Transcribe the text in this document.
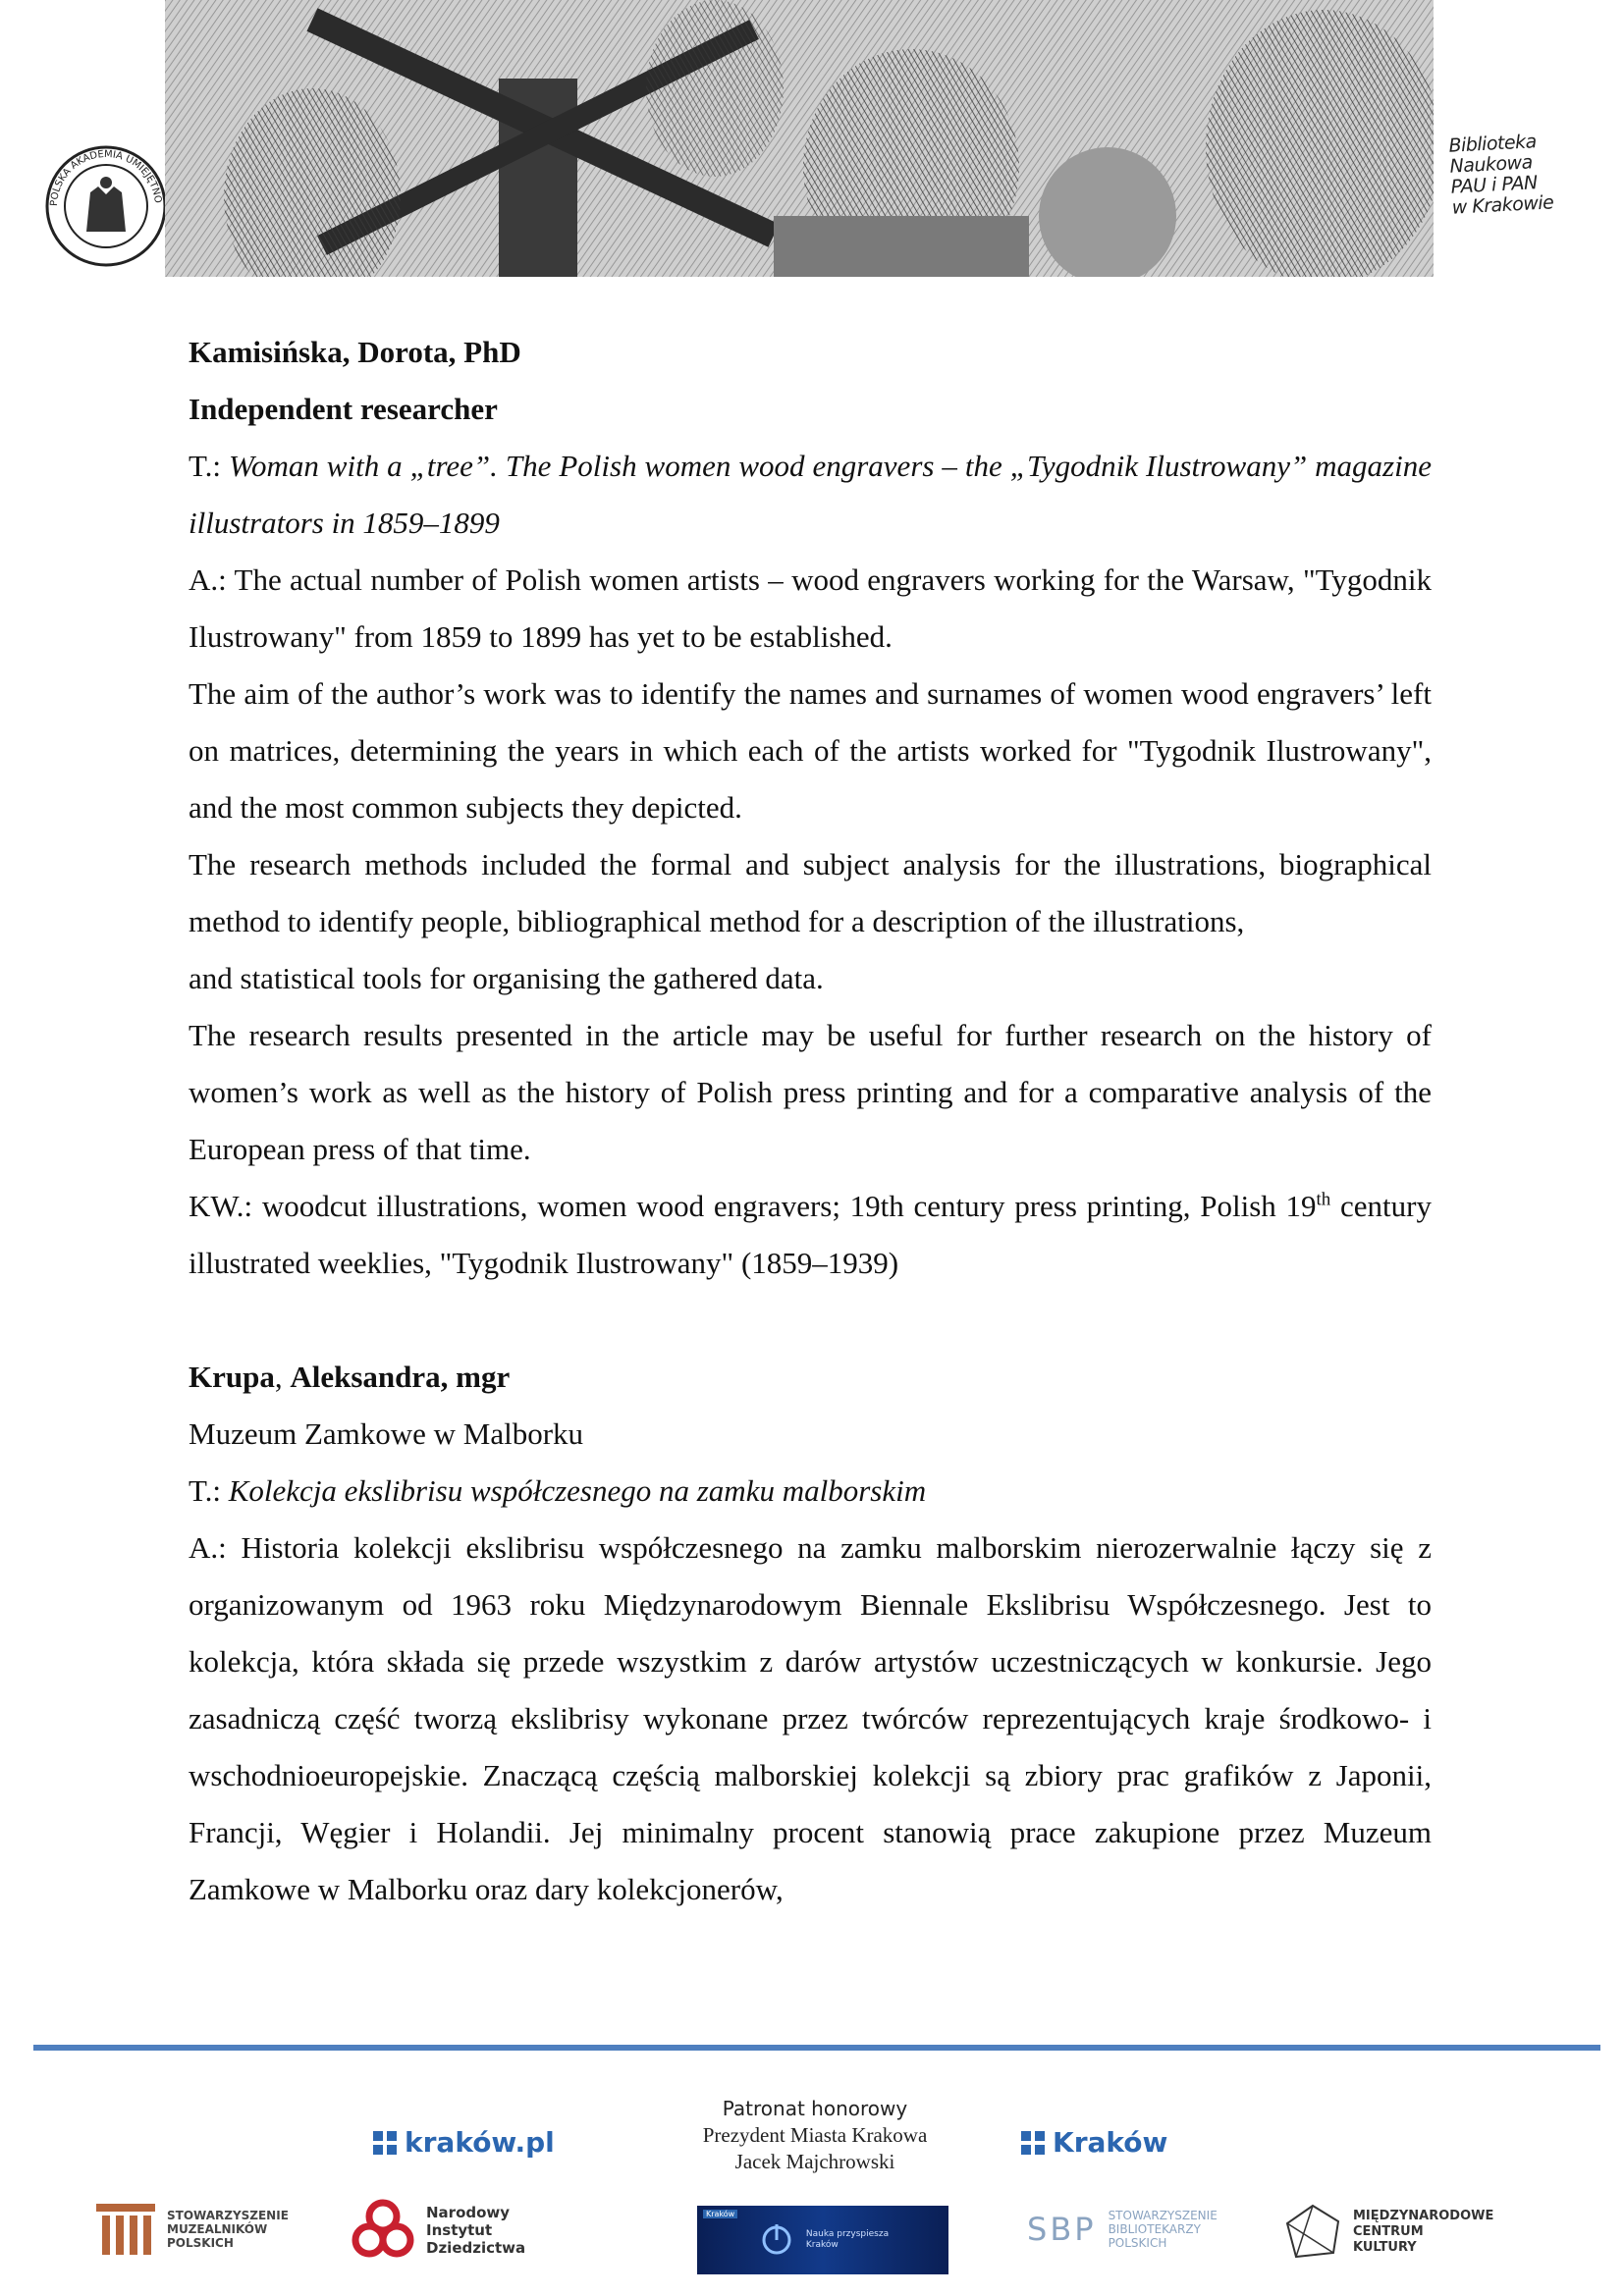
POLSKA AKADEMIA UMIEJĘTNO
Biblioteka
Naukowa
PAU i PAN
w Krakowie

Kamisińska, Dorota, PhD

Independent researcher

T.: Woman with a „tree”. The Polish women wood engravers – the „Tygodnik Ilustrowany” magazine illustrators in 1859–1899

A.: The actual number of Polish women artists – wood engravers working for the Warsaw, "Tygodnik Ilustrowany" from 1859 to 1899 has yet to be established.

The aim of the author’s work was to identify the names and surnames of women wood engravers’ left on matrices, determining the years in which each of the artists worked for "Tygodnik Ilustrowany", and the most common subjects they depicted.

The research methods included the formal and subject analysis for the illustrations, biographical method to identify people, bibliographical method for a description of the illustrations,

and statistical tools for organising the gathered data.

The research results presented in the article may be useful for further research on the history of women’s work as well as the history of Polish press printing and for a comparative analysis of the European press of that time.

KW.: woodcut illustrations, women wood engravers; 19th century press printing, Polish 19th century illustrated weeklies, "Tygodnik Ilustrowany" (1859–1939)

Krupa, Aleksandra, mgr

Muzeum Zamkowe w Malborku

T.: Kolekcja ekslibrisu współczesnego na zamku malborskim

A.: Historia kolekcji ekslibrisu współczesnego na zamku malborskim nierozerwalnie łączy się z organizowanym od 1963 roku Międzynarodowym Biennale Ekslibrisu Współczesnego. Jest to kolekcja, która składa się przede wszystkim z darów artystów uczestniczących w konkursie. Jego zasadniczą część tworzą ekslibrisy wykonane przez twórców reprezentujących kraje środkowo- i wschodnioeuropejskie. Znaczącą częścią malborskiej kolekcji są zbiory prac grafików z Japonii, Francji, Węgier i Holandii. Jej minimalny procent stanowią prace zakupione przez Muzeum Zamkowe w Malborku oraz dary kolekcjonerów,

Patronat honorowy
Prezydent Miasta Krakowa
Jacek Majchrowski
kraków.pl	Kraków
STOWARZYSZENIE
MUZEALNIKÓW
POLSKICH
Narodowy
Instytut
Dziedzictwa
Kraków
Nauka przyspiesza
Kraków	SBP STOWARZYSZENIE
BIBLIOTEKARZY
POLSKICH
MIĘDZYNARODOWE
CENTRUM
KULTURY
